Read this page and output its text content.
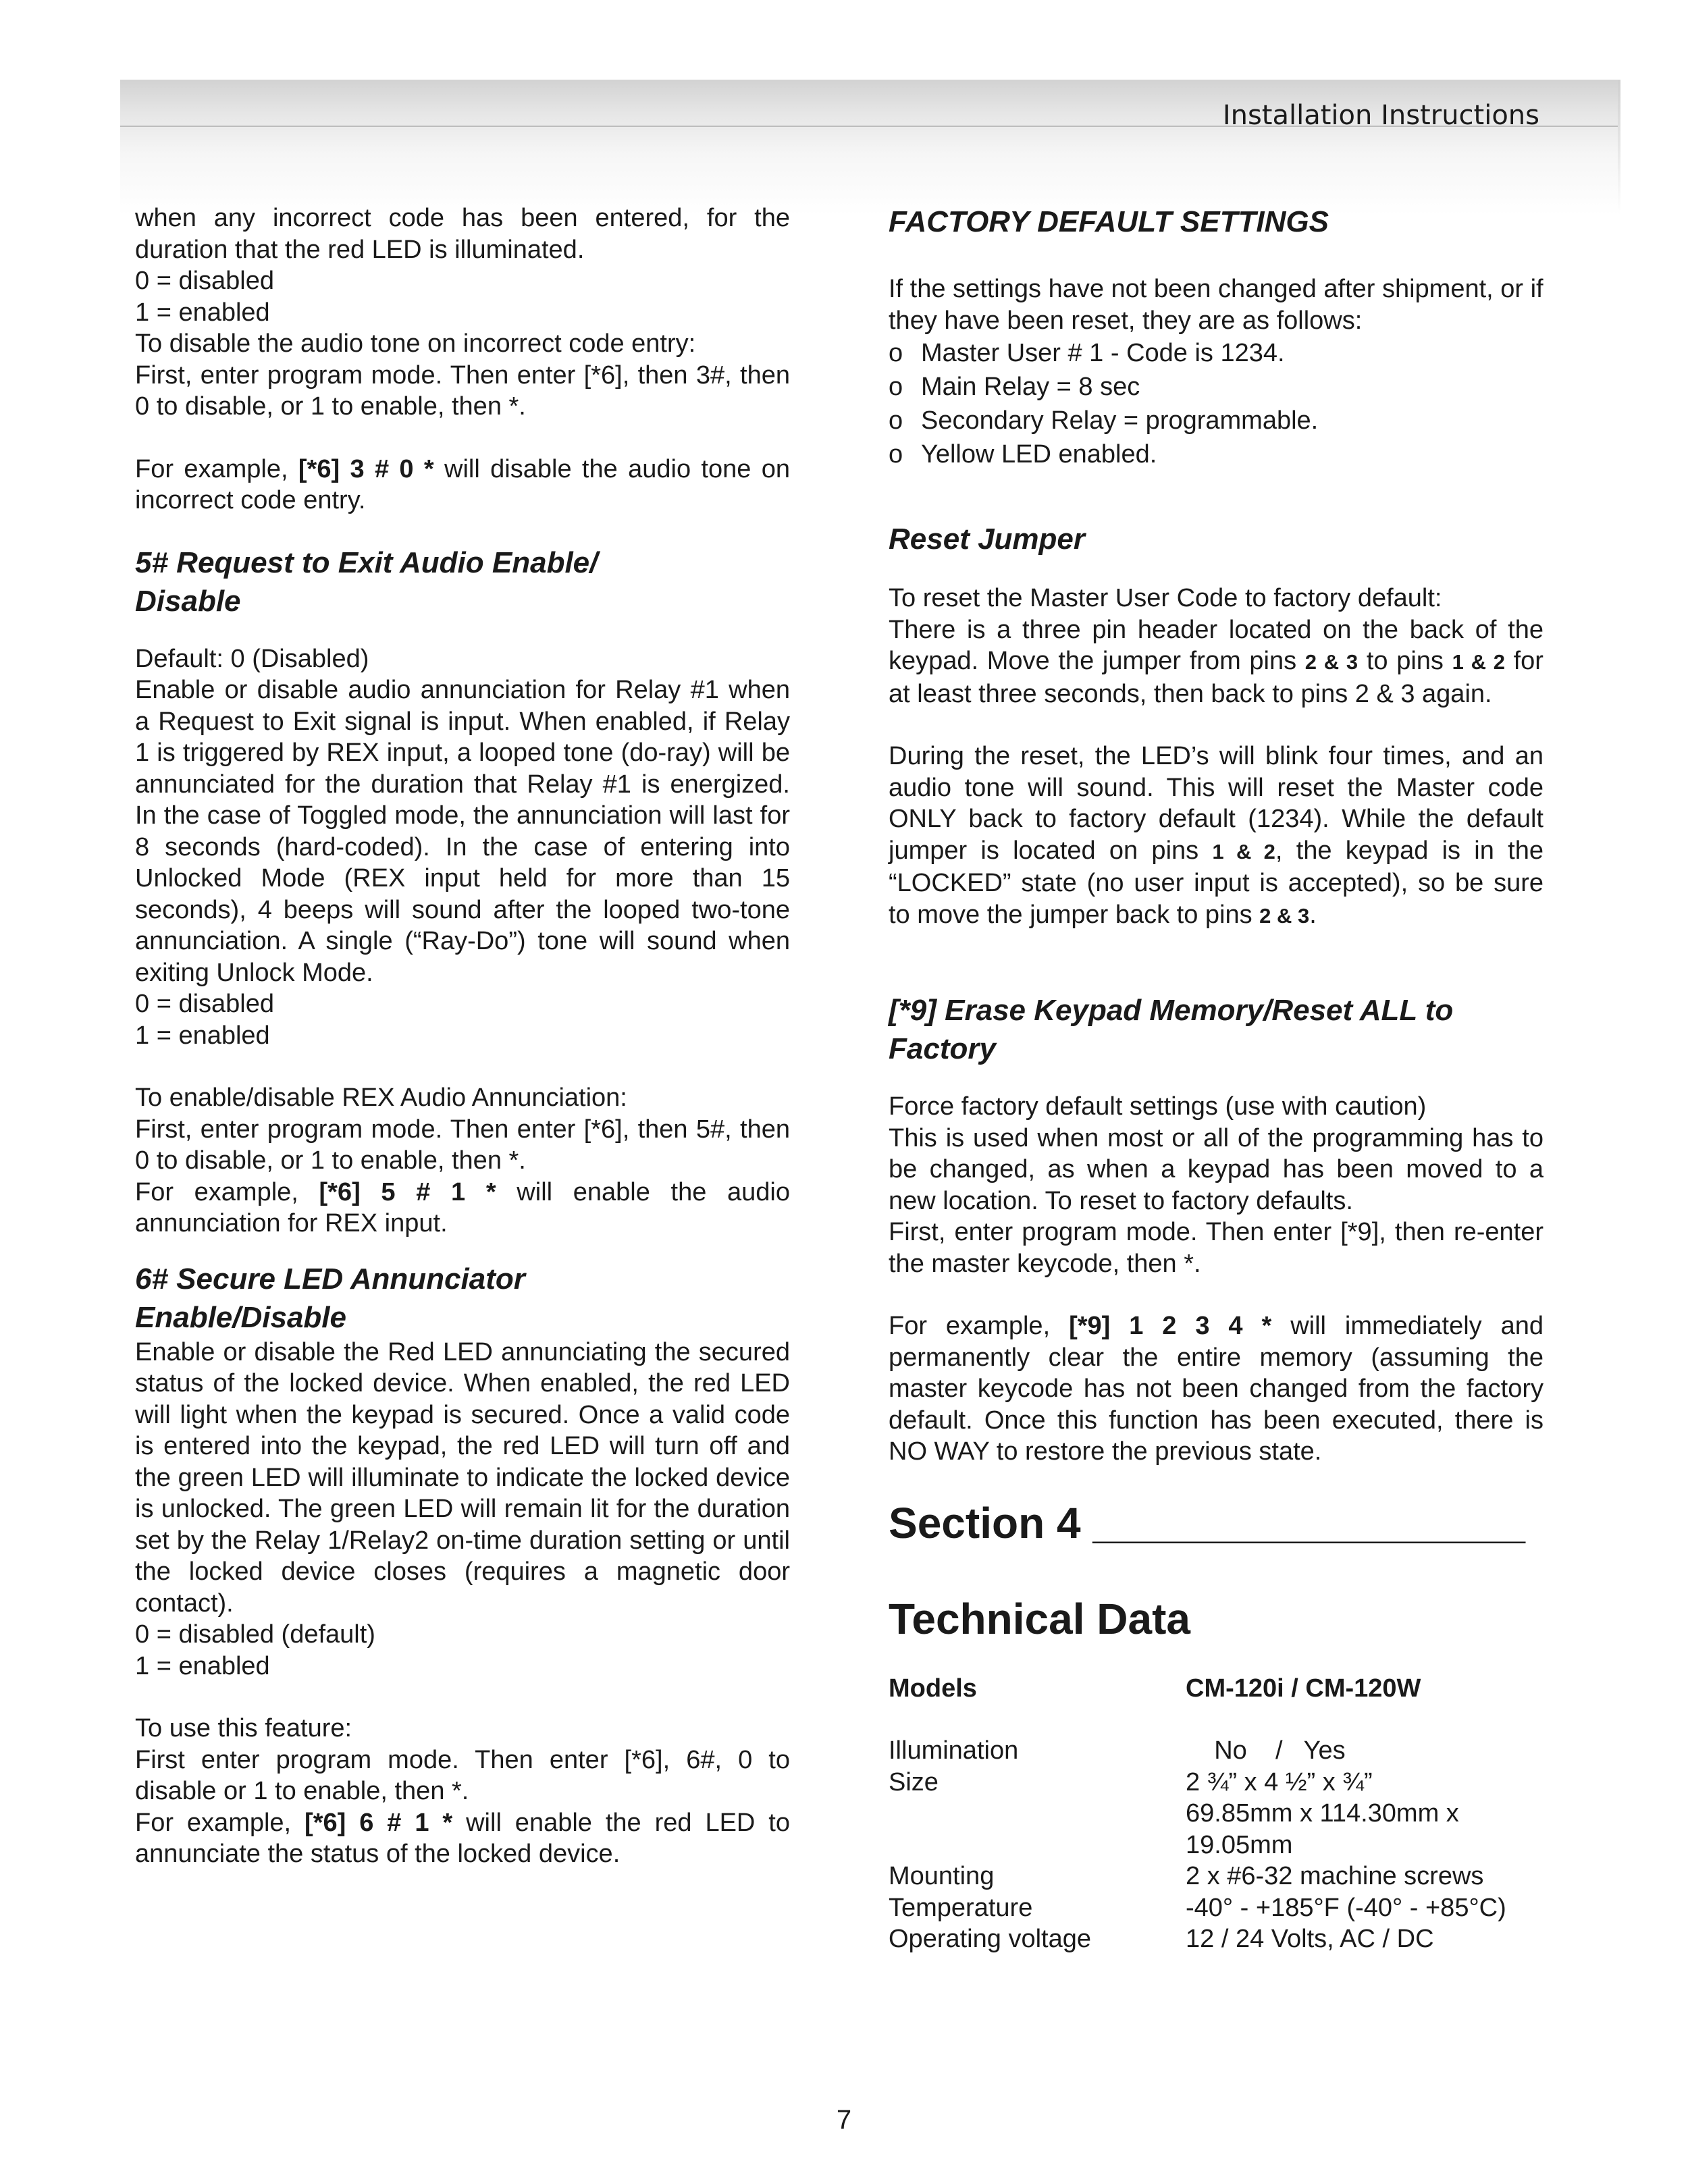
Installation Instructions

when any incorrect code has been entered, for the duration that the red LED is illuminated.

0 = disabled

1 = enabled

To disable the audio tone on incorrect code entry:

First, enter program mode. Then enter [*6], then 3#, then 0 to disable, or 1 to enable, then *.

For example, [*6] 3 # 0 * will disable the audio tone on incorrect code entry.

5# Request to Exit Audio Enable/
Disable

Default: 0 (Disabled)

Enable or disable audio annunciation for Relay #1 when a Request to Exit signal is input. When enabled, if Relay 1 is triggered by REX input, a looped tone (do-ray) will be annunciated for the duration that Relay #1 is energized. In the case of Toggled mode, the annunciation will last for 8 seconds (hard-coded). In the case of entering into Unlocked Mode (REX input held for more than 15 seconds), 4 beeps will sound after the looped two-tone annunciation. A single (“Ray-Do”) tone will sound when exiting Unlock Mode.

0 = disabled

1 = enabled

To enable/disable REX Audio Annunciation:

First, enter program mode. Then enter [*6], then 5#, then 0 to disable, or 1 to enable, then *.

For example, [*6] 5 # 1 * will enable the audio annunciation for REX input.

6# Secure LED Annunciator
Enable/Disable

Enable or disable the Red LED annunciating the secured status of the locked device. When enabled, the red LED will light when the keypad is secured. Once a valid code is entered into the keypad, the red LED will turn off and the green LED will illuminate to indicate the locked device is unlocked. The green LED will remain lit for the duration set by the Relay 1/Relay2 on-time duration setting or until the locked device closes (requires a magnetic door contact).

0 = disabled (default)

1 = enabled

To use this feature:

First enter program mode. Then enter [*6], 6#, 0 to disable or 1 to enable, then *.

For example, [*6] 6 # 1 * will enable the red LED to annunciate the status of the locked device.

FACTORY DEFAULT SETTINGS

If the settings have not been changed after shipment, or if they have been reset, they are as follows:

o Master User # 1 - Code is 1234.
o Main Relay = 8 sec
o Secondary Relay = programmable.
o Yellow LED enabled.
Reset Jumper

To reset the Master User Code to factory default:

There is a three pin header located on the back of the keypad. Move the jumper from pins 2 & 3 to pins 1 & 2 for at least three seconds, then back to pins 2 & 3 again.

During the reset, the LED’s will blink four times, and an audio tone will sound. This will reset the Master code ONLY back to factory default (1234). While the default jumper is located on pins 1 & 2, the keypad is in the “LOCKED” state (no user input is accepted), so be sure to move the jumper back to pins 2 & 3.

[*9] Erase Keypad Memory/Reset ALL to
Factory

Force factory default settings (use with caution)

This is used when most or all of the programming has to be changed, as when a keypad has been moved to a new location. To reset to factory defaults.

First, enter program mode. Then enter [*9], then re-enter the master keycode, then *.

For example, [*9] 1 2 3 4 * will immediately and permanently clear the entire memory (assuming the master keycode has not been changed from the factory default. Once this function has been executed, there is NO WAY to restore the previous state.

Section 4 __________________
Technical Data
Models	CM-120i / CM-120W
Illumination	No    /   Yes
Size	2 ¾” x 4 ½” x ¾”
69.85mm x 114.30mm x
19.05mm
Mounting	2 x #6-32 machine screws
Temperature	-40° - +185°F (-40° - +85°C)
Operating voltage	12 / 24 Volts, AC / DC
7
